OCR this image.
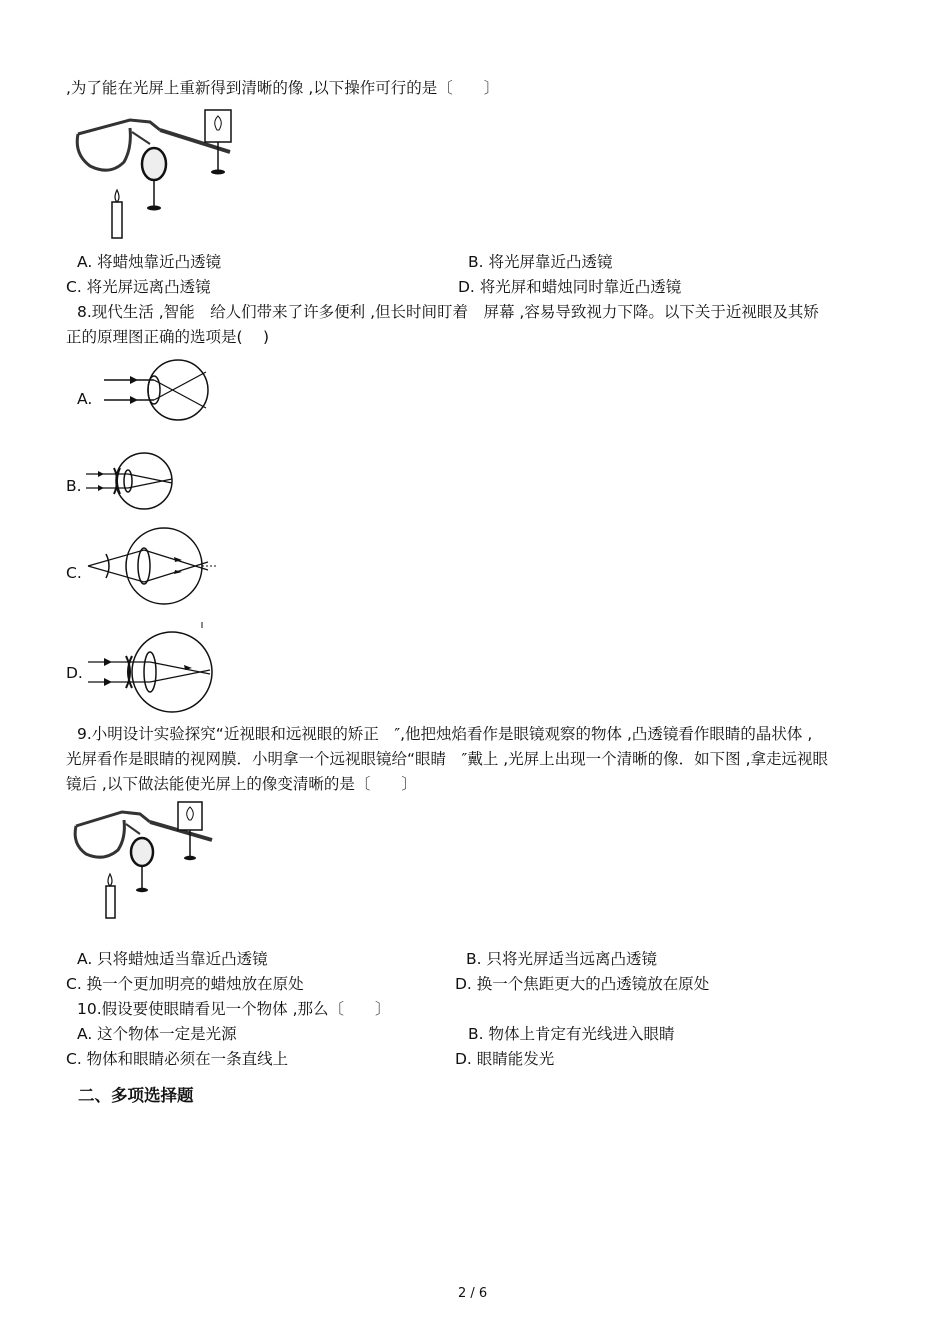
,为了能在光屏上重新得到清晰的像 ,以下操作可行的是〔　　〕
A. 将蜡烛靠近凸透镜	B. 将光屏靠近凸透镜
C. 将光屏远离凸透镜	D. 将光屏和蜡烛同时靠近凸透镜
8.现代生活 ,智能　给人们带来了许多便利 ,但长时间盯着　屏幕 ,容易导致视力下降。以下关于近视眼及其矫
正的原理图正确的选项是(　 )
A.
B.
C.
D.
9.小明设计实验探究“近视眼和远视眼的矫正　″,他把烛焰看作是眼镜观察的物体 ,凸透镜看作眼睛的晶状体 ,
光屏看作是眼睛的视网膜．小明拿一个远视眼镜给“眼睛　″戴上 ,光屏上出现一个清晰的像．如下图 ,拿走远视眼
镜后 ,以下做法能使光屏上的像变清晰的是〔　　〕
A. 只将蜡烛适当靠近凸透镜	B. 只将光屏适当远离凸透镜
C. 换一个更加明亮的蜡烛放在原处	D. 换一个焦距更大的凸透镜放在原处
10.假设要使眼睛看见一个物体 ,那么〔　　〕
A. 这个物体一定是光源	B. 物体上肯定有光线进入眼睛
C. 物体和眼睛必须在一条直线上	D. 眼睛能发光
二、多项选择题
2 / 6
